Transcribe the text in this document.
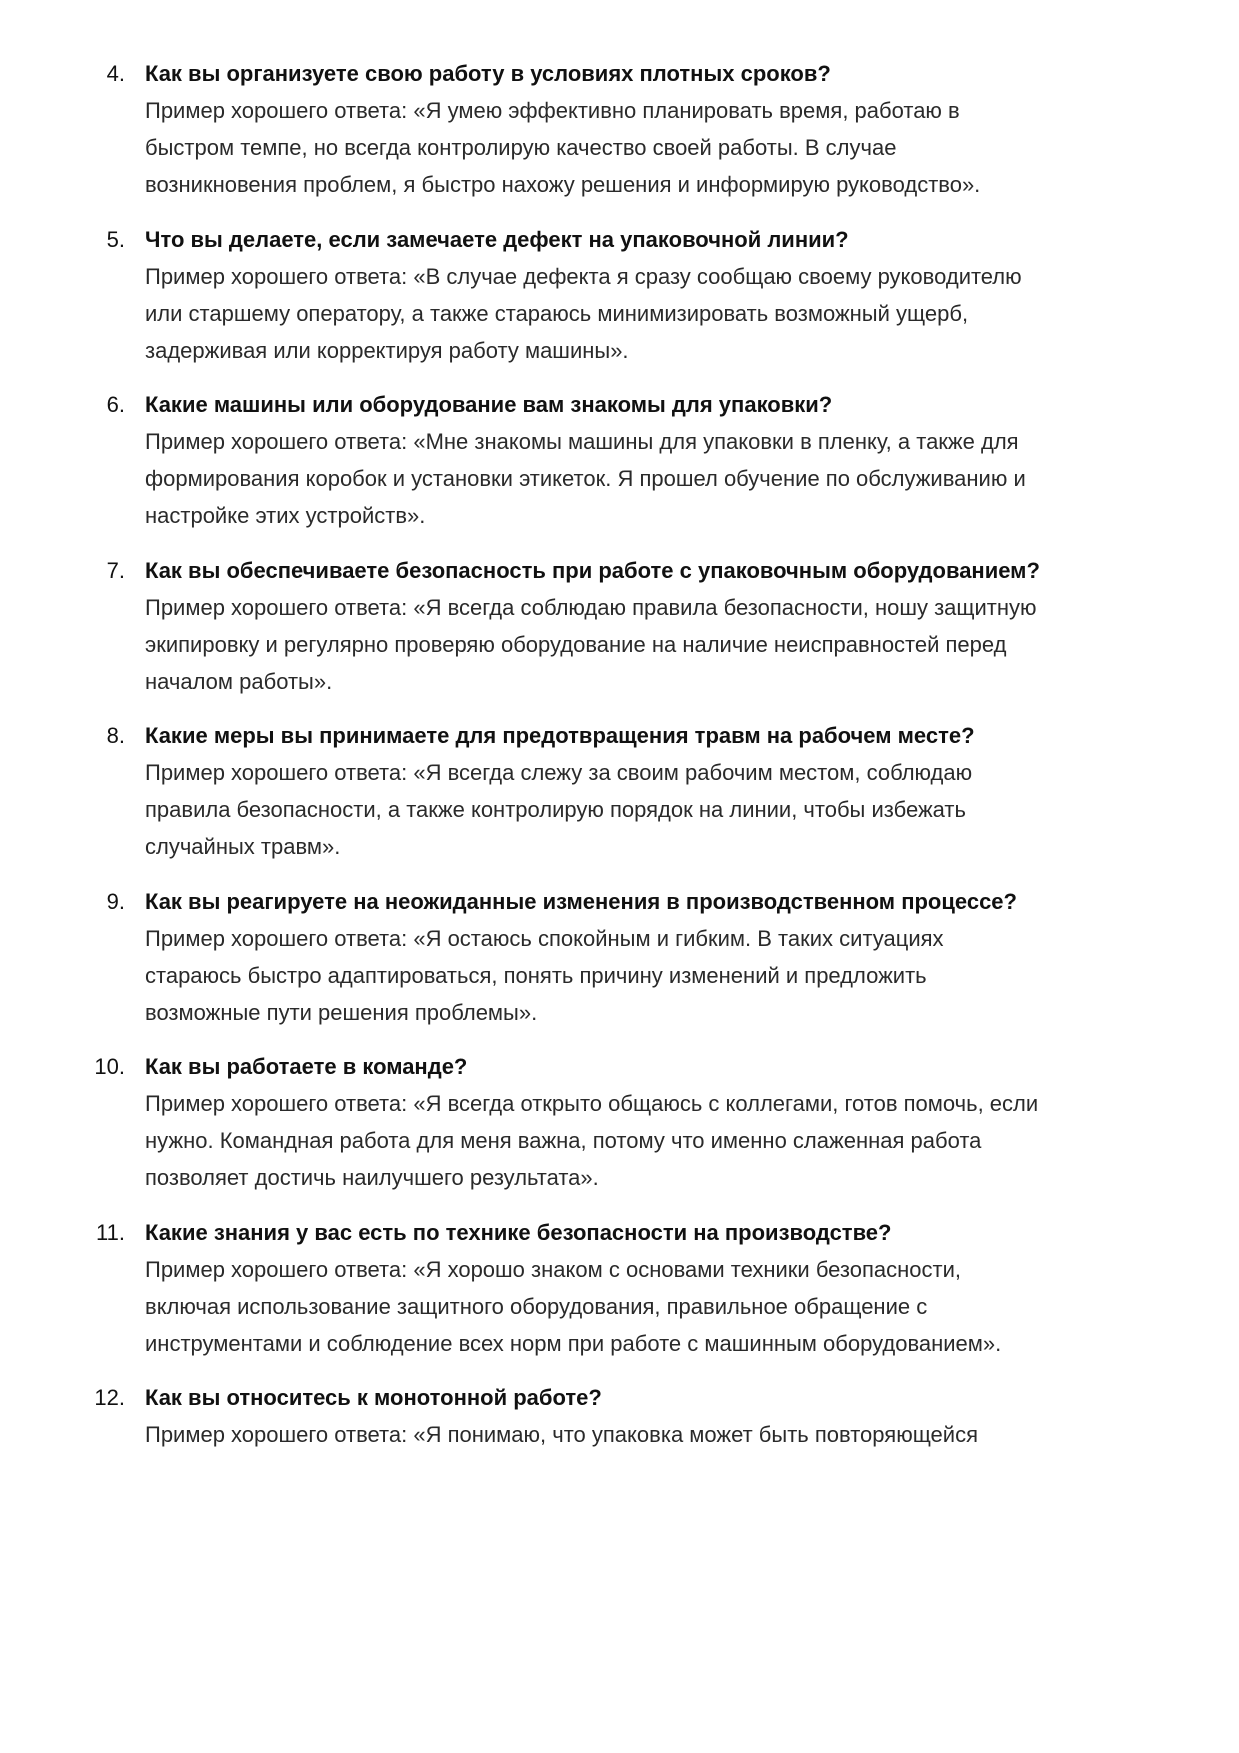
4. Как вы организуете свою работу в условиях плотных сроков?
Пример хорошего ответа: «Я умею эффективно планировать время, работаю в
быстром темпе, но всегда контролирую качество своей работы. В случае
возникновения проблем, я быстро нахожу решения и информирую руководство».
5. Что вы делаете, если замечаете дефект на упаковочной линии?
Пример хорошего ответа: «В случае дефекта я сразу сообщаю своему руководителю
или старшему оператору, а также стараюсь минимизировать возможный ущерб,
задерживая или корректируя работу машины».
6. Какие машины или оборудование вам знакомы для упаковки?
Пример хорошего ответа: «Мне знакомы машины для упаковки в пленку, а также для
формирования коробок и установки этикеток. Я прошел обучение по обслуживанию и
настройке этих устройств».
7. Как вы обеспечиваете безопасность при работе с упаковочным оборудованием?
Пример хорошего ответа: «Я всегда соблюдаю правила безопасности, ношу защитную
экипировку и регулярно проверяю оборудование на наличие неисправностей перед
началом работы».
8. Какие меры вы принимаете для предотвращения травм на рабочем месте?
Пример хорошего ответа: «Я всегда слежу за своим рабочим местом, соблюдаю
правила безопасности, а также контролирую порядок на линии, чтобы избежать
случайных травм».
9. Как вы реагируете на неожиданные изменения в производственном процессе?
Пример хорошего ответа: «Я остаюсь спокойным и гибким. В таких ситуациях
стараюсь быстро адаптироваться, понять причину изменений и предложить
возможные пути решения проблемы».
10. Как вы работаете в команде?
Пример хорошего ответа: «Я всегда открыто общаюсь с коллегами, готов помочь, если
нужно. Командная работа для меня важна, потому что именно слаженная работа
позволяет достичь наилучшего результата».
11. Какие знания у вас есть по технике безопасности на производстве?
Пример хорошего ответа: «Я хорошо знаком с основами техники безопасности,
включая использование защитного оборудования, правильное обращение с
инструментами и соблюдение всех норм при работе с машинным оборудованием».
12. Как вы относитесь к монотонной работе?
Пример хорошего ответа: «Я понимаю, что упаковка может быть повторяющейся
